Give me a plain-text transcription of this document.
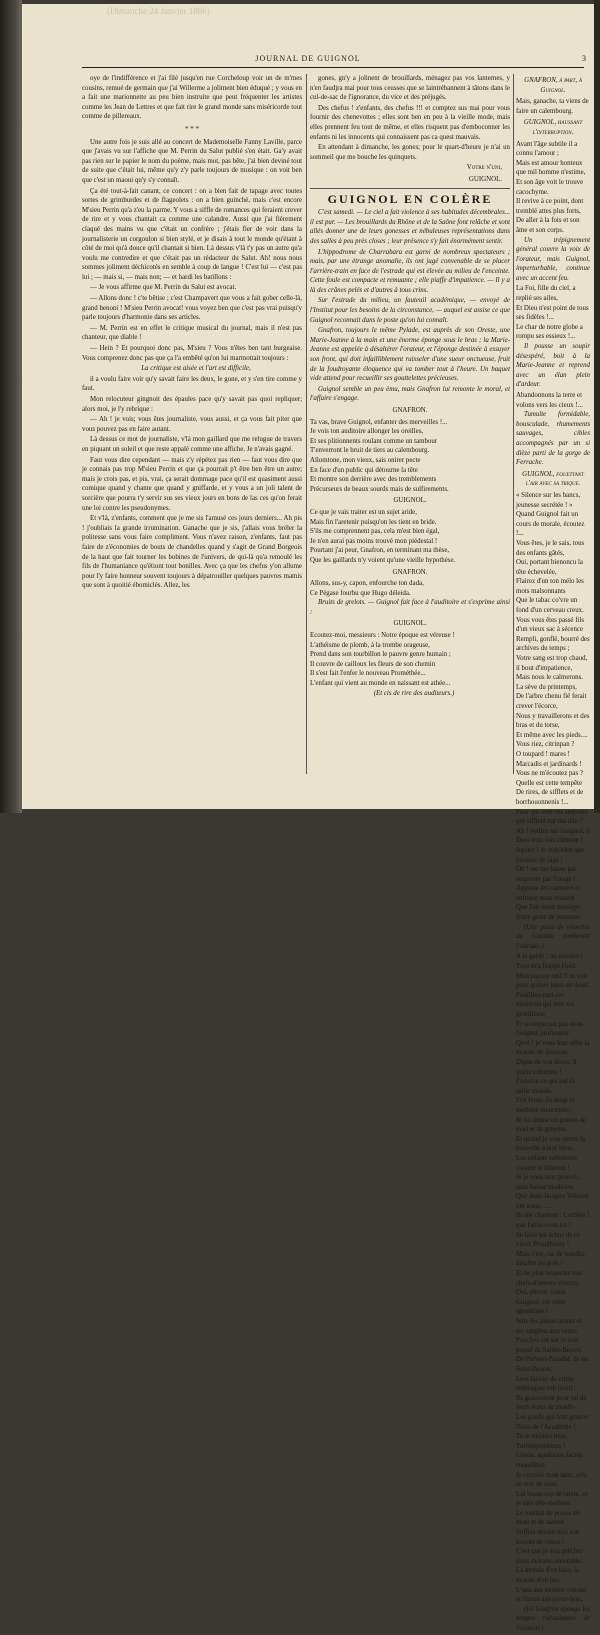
(Dimanche 24 Janvier 1886)
JOURNAL DE GUIGNOL	3

oye de l'indifférence et j'ai filé jusqu'en rue Corcheloup voir un de m'mes cousins, remué de germain que j'ai Willerme a joliment bien éduqué ; y vous en a fait une marionnette au peu bien instruite que peut fréquenter les artistes comme les Jean de Lettres et que fait rire le grand monde sans miséricorde tout comme de pillereaux.

* * *

Une autre fois je suis allé au concert de Mademoiselle Fanny Laville, parce que j'avais vu sur l'affiche que M. Perrin du Salut publié s'en était. Ga'y avait pas rien sur le papier le nom du poème, mais mot, pas bête, j'ai bien deviné tout de suite que c'était lui, même qu'y z'y parle toujours de musique : on voit ben que c'est un maoui qu'y s'y connaît.

Ça été tout-à-fait canant, ce concert : on a bien fait de tapage avec toutes sortes de grimburdes et de flageolets : on a bien guinché, mais c'est encore M'sieu Perrin qu'a z'eu la parme. Y vous a siffle de romances qui feraient crever de rire et y vous chantait ca comme une calandre. Aussi que j'ai fièrement claqué des mains vu que c'était un confrère ; j'étais fier de voir dans la journalisterie un corgoulon si bien stylé, et je disais à tout le monde qu'étant à côté de moi qu'à douce qu'il chantait si bien. Là dessus v'là t'y pas un autre qu'a voulu me contredire et que c'était pas un rédacteur du Salut. Ah! nous nous sommes joliment déchicotés en semble à coup de langue ! C'est lui — c'est pas lui ; — mais si, — mais non; — et hardi les batillons :

— Je vous affirme que M. Perrin du Salut est avocat.

— Allons donc ! c'te bêtise ; c'est Champavert que vous a fait gober celle-là, grand benoni ! M'sieu Perrin avocat! vous voyez ben que c'est pas vrai puisqu'y parle toujours d'harmonie dans ses articles.

— M. Perrin est en effet le critique musical du journal, mais il n'est pas chanteur, que diable !

— Hein ? Et pourquoi donc pas, M'sieu ? Vous n'êtes ben tant burgeaise. Vous comprenez donc pas que ça l'a embêté qu'on lui marmottait toujours :

La critique est aisée et l'art est difficile,

il a voulu faire voir qu'y savait faire les deux, le gone, et y s'en tire comme y faut.

Mon relocuteur gingnoit des épaules pace qu'y savait pas quoi repliquer; alors moi, je l'y rebrique :

— Ah ! je vois; vous êtes journaliste, vous aussi, et ça vous fait piter que vous pouvez pas en faire autant.

Là dessus ce mot de journaliste, v'là mon gaillard que me relugue de travers en piquant un soleil et que reste appalé comme une affiche. Je n'avais gagné.

Faut vous dire cependant — mais z'y répétez pas rien — faut vous dire que je connais pas trop M'sieu Perrin et que ça pourrait p't être ben être un autre; mais je crois pas, et pis, vrai, ça serait dommage pace qu'il est quasiment aussi comique quand y chante que quand y gniffarde, et y vous a un joli talent de sorcière que pourra t'y servir sus ses vieux jours en bons de las ces qu'on ferait une loi contre les pseudonymes.

Et v'là, z'enfants, comment que je me sis l'amusé ces jours derniers... Ah pis ! j'oubliais la grande irrumination. Ganache que je sis, j'allais vous bréler la politesse sans vous faire compliment. Vous n'avez raison, z'enfants, faut pas faire de z'économies de bouts de chandelles quand y s'agit de Grand Borgeois de la haut que fait tourner les bobines de l'univers, de qui-là qu'a remoulé les fils de l'humaniance qu'étiont tout bonilles. Avec ça que les chefus y'on allume pour l'y faire honneur souvent toujours à dépatrouiller quelques pauvres mamis que sont à quoitié ébomiclés. Allez, les

gones, gn'y a jolinent de brouillards, ménagez pas vos lanternes, y n'en faudjra mai pour tous ceusses que se laintrébannent à tâtons dans le cul-de-sac de l'ignorance, du vice et des préjugés.

Des chefus ! z'enfants, des chefus !!! et comptez sus mai pour vous fournir des chenevottes ; elles sont ben en peu à la vieille mode, mais elles prennent feu tout de même, et elles risquent pas d'emboconner les enfants ni les innocents qui connaissent pas ca quest mauvais.

En attendant à dimanche, les gones; pour le quart-d'heure je n'ai un sommeil que me bouche les quinquets.

Votre n'uni,
GUIGNOL.
GUIGNOL EN COLÈRE

C'est samedi. — Le ciel a fait violence à ses habitudes décembrales... il est pur. — Les brouillards du Rhône et de la Saône font relâche et sont allés donner une de leurs gonesses et nébuleuses représentations dans des salles à peu près closes ; leur présence s'y fait énormément sentir.

L'hippodrome de Charrabara est garni de nombreux spectateurs ; mais, par une étrange anomalie, ils ont jugé convenable de se placer l'arrière-train en face de l'estrade qui est élevée au milieu de l'enceinte. Cette foule est compacte et remuante ; elle piaffe d'impatience. — Il y a là des crânes pelés et d'autres à tous crins.

Sur l'estrade du milieu, un fauteuil académique, — envoyé de l'Institut pour les besoins de la circonstance, — auquel est assise ce que Guignol reconnait dans le poste qu'on lui connaît.

Gnafron, toujours le même Pylade, est auprès de son Oreste, une Marie-Jeanne à la main et une énorme éponge sous le bras ; la Marie-Jeanne est appelée à désaltérer l'orateur, et l'éponge destinée à essuyer son front, qui doit infailliblement ruisseler d'une sueur onctueuse, fruit de la foudroyante éloquence qui va tomber tout à l'heure. Un baquet vide attend pour recueillir ses gouttelettes précieuses.

Guignol semble un peu ému, mais Gnafron lui remonte le moral, et l'affaire s'engage.

GNAFRON.

Ta vas, brave Guignol, enfanter des merveilles !...
Je vois ton auditoire allonger les oreilles,
Et ses plitionnents roulant comme un tambour
T'enverront le bruit de tiers au calembourg.
Allomtone, mon vieux, sais onirer pecte
En face d'un public qui détourne la tête
Et montre son derrière avec des tremblements
Précurseurs de beaux sourds mais de sulfirements.

GUIGNOL.

Ce que je vais traiter est un sujet aride,
Mais fin l'aretenir puisqu'on les tient en bride.
S'ils me comprennent pas, cela m'est bien égal,
Je n'en aurai pas moins trouvé mon piédestal !
Pourtant j'ai peur, Gnafron, en terminant ma thèse,
Que les gaillards n'y voient qu'une vieille hypothèse.

GNAFRON.

Allons, sus-y, capon, enfourche ton dada,
Ce Pégase fourbu que Hugo déleida.

Bruits de grelots. — Guignol fait face à l'auditoire et s'exprime ainsi :

GUIGNOL.

Ecoutez-moi, messieurs : Notre époque est véreuse !
L'athéisme de plomb, à la trombe orageuse,
Prend dans son tourbillon le pauvre genre humain ;
Il couvre de cailloux les fleurs de son chemin
Il s'est fait l'enfer le nouveau Prométhée...
L'enfant qui vient au monde en naissant est athée...

(Et cis de rire des auditeurs.)

GNAFRON, à part, à Guignol.

Mais, ganache, ta viens de faire un calembourg.

GUIGNOL, haussant l'interruption.

Avant l'âge subtile il a connu l'amour ;
Mais est amour honteux que mil homme n'estime,
Et son âge voit le trouve cacochyme.
Il revive à ce point, dont tremblé attes plus forts,
De aller à la fois et son âme et son corps.

Un trépignement général couvre la voix de l'orateur, mais Guignol, imperturbable, continue avec un accent feu.

La Foi, fille du ciel, a replié ses ailes,
Et Dieu n'est point de tous ses fidèles !...
Le char de notre globe a rompu ses essieux !...

Il pousse un soupir désespéré, boit à la Marie-Jeanne et reprend avec un élan plein d'ardeur.

Abandonnons la terre et volons vers les cieux !...

Tumulte formidable, bousculade, rhumements sauvages, cibles accompagnés par un si dièze parti de la gorge de Ferrache.

GUIGNOL, fouettant l'air avec sa trique.

« Silence sur les bancs, jeunesse secrétée ! »
Quand Guignol fait un cours de morale, écoutez !...
Vous êtes, je le sais, tous des enfants gâtés,
Oui, portant bienoncu la tête échevelée,
Flairez d'un ton mélo les mots malsonnants
Que le tabac co'vre un fond d'un cerveau creux.
Vous vous êtes passé fils d'un vieux sac à sécence
Rempli, gonflé, bourré des archives du temps ;
Votre sang est trop chaud, il bout d'impatience,
Mais nous le calmerons. La sève du printemps,
De l'arbre chenu fié ferait crever l'écorce,
Nous y travaillerons et des bras et du torse,
Et même avec les pieds.... Vous riez, citrinpan ?
O toupard ! mares ! Marcadis et jardinards !
Vous ne m'écoutez pas ? Quelle est cette tempête
De rires, de sifflets et de borrhouonnenis !...
Pour qui sont ces serpents qui sifflent sur ma tête ?
Ah ! veillez sur Guignol, ô Dieu trois fois clément !
Jupiter ! tu vois bien que j'écume de rage !
Oh ! sur me laisse pas emporter par l'orage !
Apporte les carreaux et enfonce nous tonnent
Que l'on vient moisiger d'une geste de pommes.

(Une pluie de viroettes du Canada tomberait l'estrade.)

A la garde ! au secours ! Tous m'a frappé l'oeil.
Mon pauvre oeil !! tu voit pour quinze jours en deuil.
Pouilliez-moi ces moments qui leur ses gentillesse
Et se respectez pas nous Guignol professeur.
Quoi ! je vous leur offre la morale en douceur,
Digne de vos dieux, il quitte culottine !
J'éduirai ce qui par la saine morale,
J'en ferais du doigt le médoire meurtrière ;
Je lui donne un portun de miel et de gruyère,
Et quand je vois parter la bouteille à leur lèvre,
Les enfants turbulents cassent le biberon !
Si je vous leur prouver, sans baisse modéstie,
Que Jean-Jacques Voltaire ont aussi ... .
Ils me chantent : Corbleu ! que faites-vous ici ?
Se faire les échos de ce vieux Proudhomy !
Mais c'est, tas de bandits, insulter au goût !
Et ne plus respecter nos chefs-d'oeuvre vivants.
Oui, pleure, vieux Guignol, sur cette ignominie !
Jette les pleurs amers et tes sanglots aux vents,
Pouchez-toi sur le sein pensif de Sainte-Beuve,
De Prévost-Paradol, de tes Saint-Bouve,
Leur laisser de crime embraguer ton treuil ;
Ils graisseront pour toi de leurs noms de moelle
Les gonds qui font grincer l'huis de l'Académie !
Tu le mérites bien, Turlempimbinus !
Gloria, aquilarius factus coquilibus.
Je connais mon latin, cela se voit de reste,
Lui beaucoup de talent, et je suis tête-modeste.
Le journal de presse de mots et de saveur
Soffise devant moi son bonnet de coton !
C'est que je suis prêcher deux morales ensemble,
La morale d'en haut, la morale d'en bas,
L'une aux moines venous et l'autre aux porte-bras.

(Ici Gnafron éponge les tempes ruisselantes de l'orateur.)
